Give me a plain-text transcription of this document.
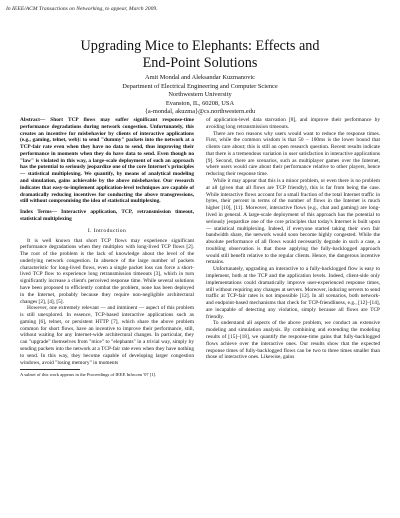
In IEEE/ACM Transactions on Networking, to appear, March 2009.
Upgrading Mice to Elephants: Effects and
End-Point Solutions
Amit Mondal and Aleksandar Kuzmanovic
Department of Electrical Engineering and Computer Science
Northwestern University
Evanston, IL, 60208, USA
{a-mondal, akuzma}@cs.northwestern.edu

Abstract— Short TCP flows may suffer significant response-time performance degradations during network congestion. Unfortunately, this creates an incentive for misbehavior by clients of interactive applications (e.g., gaming, telnet, web): to send "dummy" packets into the network at a TCP-fair rate even when they have no data to send, thus improving their performance in moments when they do have data to send. Even though no "law" is violated in this way, a large-scale deployment of such an approach has the potential to seriously jeopardize one of the core Internet's principles — statistical multiplexing. We quantify, by means of analytical modeling and simulation, gains achievable by the above misbehavior. Our research indicates that easy-to-implement application-level techniques are capable of dramatically reducing incentives for conducting the above transgressions, still without compromising the idea of statistical multiplexing.

Index Terms— Interactive application, TCP, retransmission timeout, statistical multiplexing

I. Introduction

It is well known that short TCP flows may experience significant performance degradations when they multiplex with long-lived TCP flows [2]. The root of the problem is the lack of knowledge about the level of the underlying network congestion. In absence of the large number of packets characteristic for long-lived flows, even a single packet loss can force a short-lived TCP flow to experience long retransmission timeouts [3], which in turn significantly increase a client's perceived response time. While several solutions have been proposed to efficiently combat the problem, none has been deployed in the Internet, probably because they require non-negligible architectural changes [2], [4], [5].

However, one extremely relevant — and imminent — aspect of this problem is still unexplored. In essence, TCP-based interactive applications such as gaming [6], telnet, or persistent HTTP [7], which share the above problem common for short flows, have an incentive to improve their performance, still, without waiting for any Internet-wide architectural changes. In particular, they can "upgrade" themselves from "mice" to "elephants" in a trivial way, simply by sending packets into the network at a TCP-fair rate even when they have nothing to send. In this way, they become capable of developing larger congestion windows, avoid "losing memory" in moments

A subset of this work appears in the Proceedings of IEEE Infocom '07 [1].

of application-level data starvation [8], and improve their performance by avoiding long retransmission timeouts.

There are two reasons why users would want to reduce the response times. First, while the common wisdom is that 50 − 100ms is the lower bound that clients care about; this is still an open research question. Recent results indicate that there is a tremendous variation in user satisfaction in interactive applications [9]. Second, there are scenarios, such as multiplayer games over the Internet, where users would care about their performance relative to other players, hence reducing their response time.

While it may appear that this is a minor problem, or even there is no problem at all (given that all flows are TCP friendly), this is far from being the case. While interactive flows account for a small fraction of the total Internet traffic in bytes, their percent in terms of the number of flows in the Internet is much higher [10], [11]. Moreover, interactive flows (e.g., chat and gaming) are long-lived in general. A large-scale deployment of this approach has the potential to seriously jeopardize one of the core principles that today's Internet is built upon — statistical multiplexing. Indeed, if everyone started taking their own fair bandwidth share, the network would soon become highly congested. While the absolute performance of all flows would necessarily degrade in such a case, a troubling observation is that those applying the fully-backlogged approach would still benefit relative to the regular clients. Hence, the dangerous incentive remains.

Unfortunately, upgrading an interactive to a fully-backlogged flow is easy to implement, both at the TCP and the application levels. Indeed, client-side only implementations could dramatically improve user-experienced response times, still without requiring any changes at servers. Moreover, inducing servers to send traffic at TCP-fair rates is not impossible [12]. In all scenarios, both network- and endpoint-based mechanisms that check for TCP-friendliness, e.g., [12]–[14], are incapable of detecting any violation, simply because all flows are TCP friendly.

To understand all aspects of the above problem, we conduct an extensive modeling and simulation analysis. By combining and extending the modeling results of [15]–[18], we quantify the response-time gains that fully-backlogged flows achieve over the interactive ones. Our results show that the expected response times of fully-backlogged flows can be two to three times smaller than those of interactive ones. Likewise, gains
